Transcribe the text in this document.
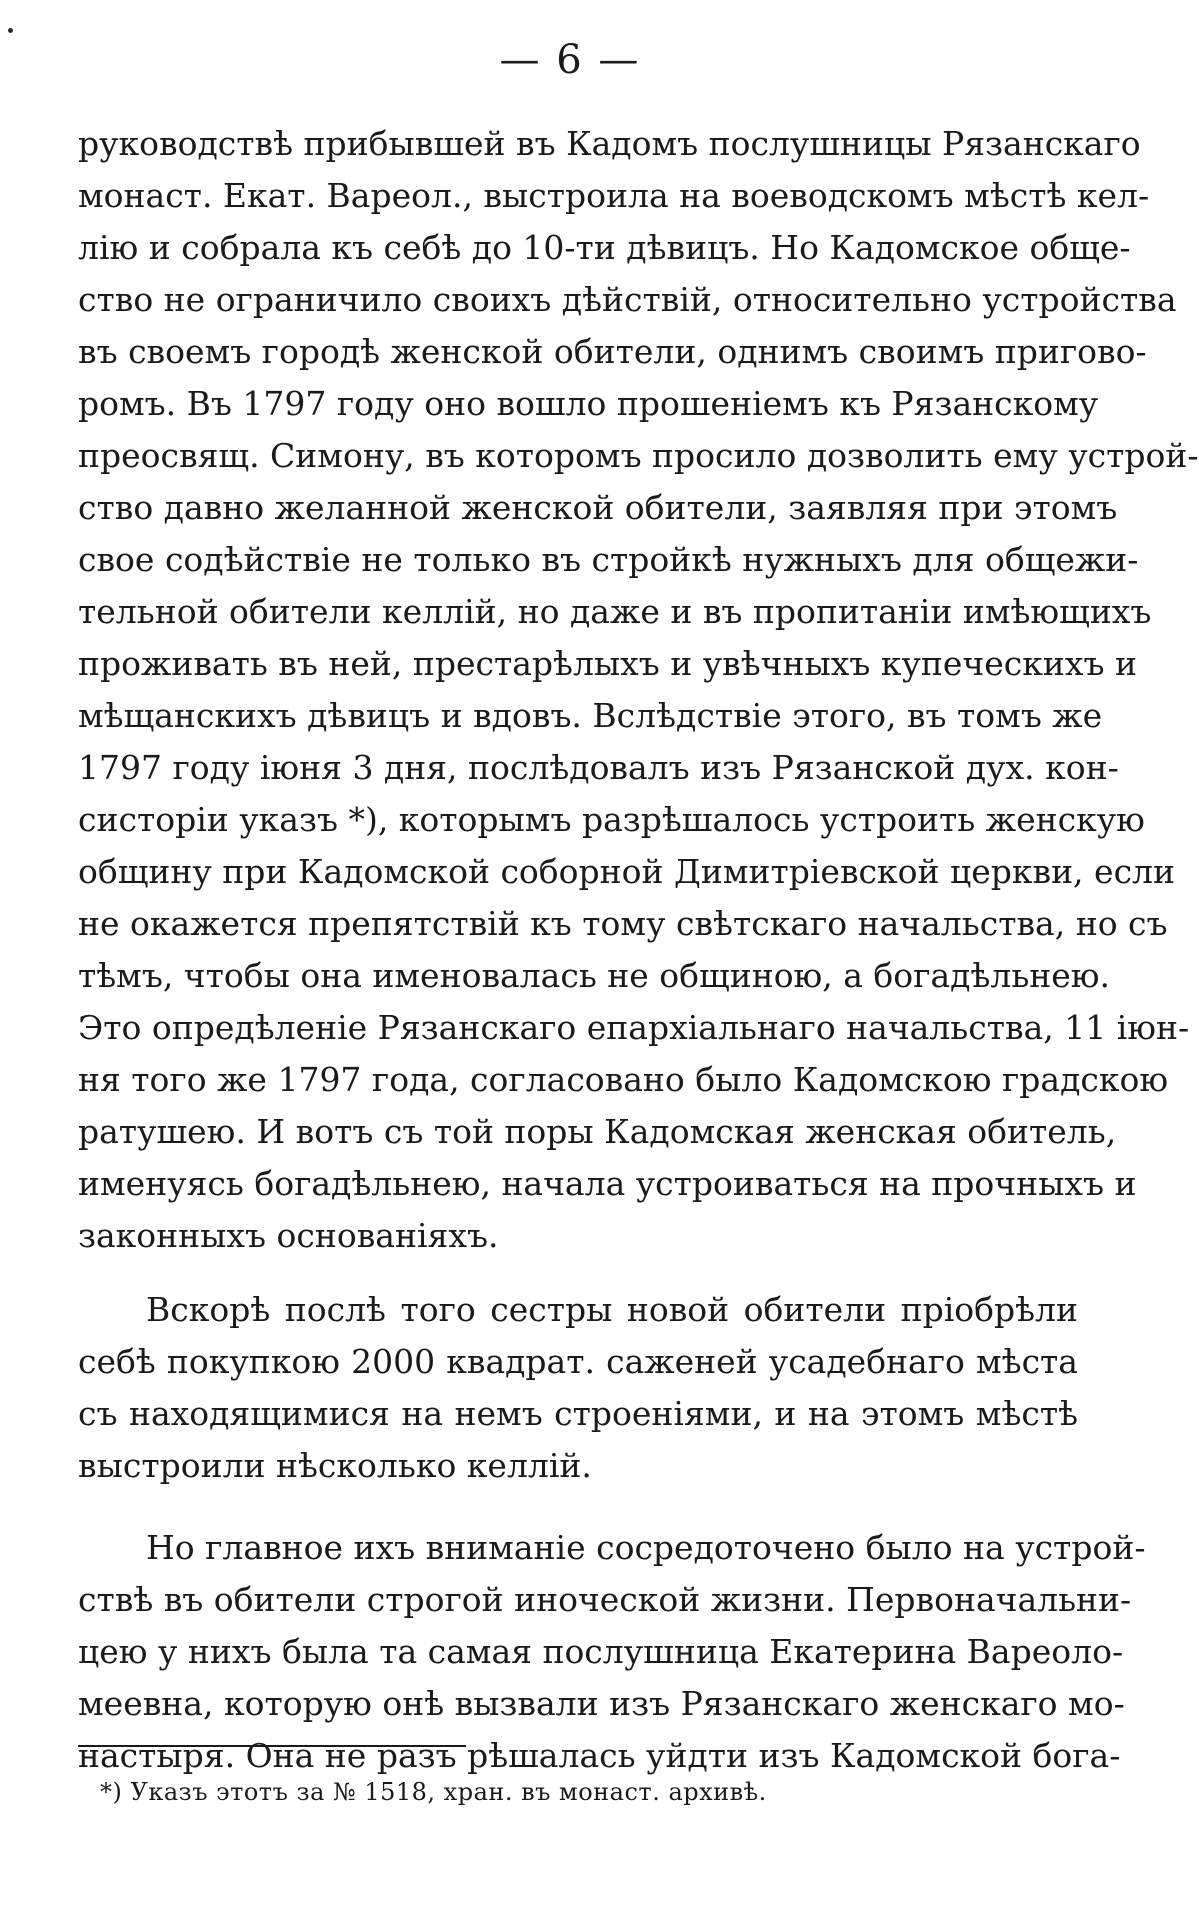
— 6 —
руководствѣ прибывшей въ Кадомъ послушницы Рязанскаго
монаст. Екат. Вареол., выстроила на воеводскомъ мѣстѣ кел-
лію и собрала къ себѣ до 10-ти дѣвицъ. Но Кадомское обще-
ство не ограничило своихъ дѣйствій, относительно устройства
въ своемъ городѣ женской обители, однимъ своимъ пригово-
ромъ. Въ 1797 году оно вошло прошеніемъ къ Рязанскому
преосвящ. Симону, въ которомъ просило дозволить ему устрой-
ство давно желанной женской обители, заявляя при этомъ
свое содѣйствіе не только въ стройкѣ нужныхъ для общежи-
тельной обители келлій, но даже и въ пропитаніи имѣющихъ
проживать въ ней, престарѣлыхъ и увѣчныхъ купеческихъ и
мѣщанскихъ дѣвицъ и вдовъ. Вслѣдствіе этого, въ томъ же
1797 году іюня 3 дня, послѣдовалъ изъ Рязанской дух. кон-
систоріи указъ *), которымъ разрѣшалось устроить женскую
общину при Кадомской соборной Димитріевской церкви, если
не окажется препятствій къ тому свѣтскаго начальства, но съ
тѣмъ, чтобы она именовалась не общиною, а богадѣльнею.
Это опредѣленіе Рязанскаго епархіальнаго начальства, 11 іюн-
ня того же 1797 года, согласовано было Кадомскою градскою
ратушею. И вотъ съ той поры Кадомская женская обитель,
именуясь богадѣльнею, начала устроиваться на прочныхъ и
законныхъ основаніяхъ.
Вскорѣ послѣ того сестры новой обители пріобрѣли
себѣ покупкою 2000 квадрат. саженей усадебнаго мѣста
съ находящимися на немъ строеніями, и на этомъ мѣстѣ
выстроили нѣсколько келлій.
Но главное ихъ вниманіе сосредоточено было на устрой-
ствѣ въ обители строгой иноческой жизни. Первоначальни-
цею у нихъ была та самая послушница Екатерина Вареоло-
меевна, которую онѣ вызвали изъ Рязанскаго женскаго мо-
настыря. Она не разъ рѣшалась уйдти изъ Кадомской бога-
*) Указъ этотъ за № 1518, хран. въ монаст. архивѣ.
